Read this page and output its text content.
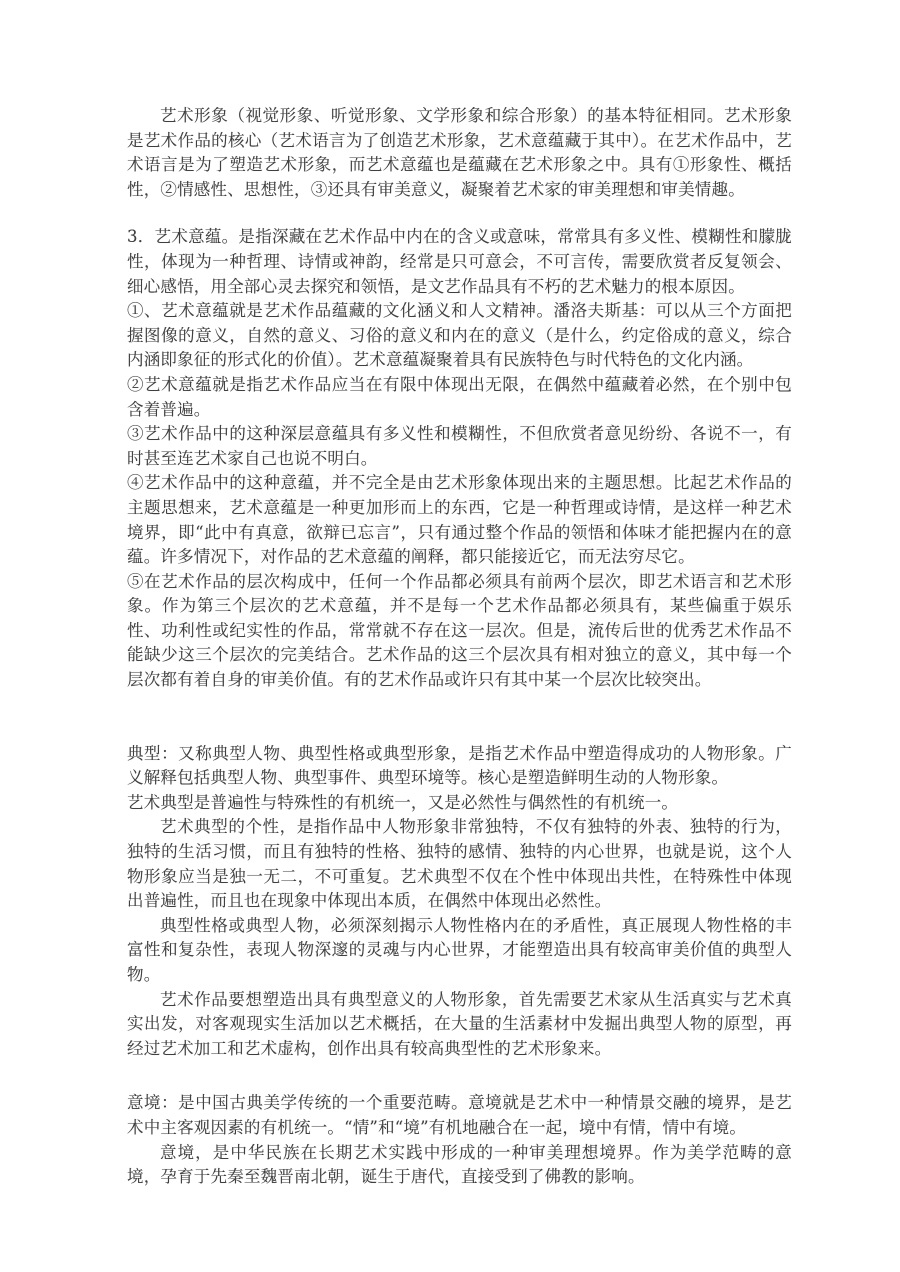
艺术形象（视觉形象、听觉形象、文学形象和综合形象）的基本特征相同。艺术形象是艺术作品的核心（艺术语言为了创造艺术形象，艺术意蕴藏于其中）。在艺术作品中，艺术语言是为了塑造艺术形象，而艺术意蕴也是蕴藏在艺术形象之中。具有①形象性、概括性，②情感性、思想性，③还具有审美意义，凝聚着艺术家的审美理想和审美情趣。

3．艺术意蕴。是指深藏在艺术作品中内在的含义或意味，常常具有多义性、模糊性和朦胧性，体现为一种哲理、诗情或神韵，经常是只可意会，不可言传，需要欣赏者反复领会、细心感悟，用全部心灵去探究和领悟，是文艺作品具有不朽的艺术魅力的根本原因。

①、艺术意蕴就是艺术作品蕴藏的文化涵义和人文精神。潘洛夫斯基：可以从三个方面把握图像的意义，自然的意义、习俗的意义和内在的意义（是什么，约定俗成的意义，综合内涵即象征的形式化的价值）。艺术意蕴凝聚着具有民族特色与时代特色的文化内涵。

②艺术意蕴就是指艺术作品应当在有限中体现出无限，在偶然中蕴藏着必然，在个别中包含着普遍。

③艺术作品中的这种深层意蕴具有多义性和模糊性，不但欣赏者意见纷纷、各说不一，有时甚至连艺术家自己也说不明白。

④艺术作品中的这种意蕴，并不完全是由艺术形象体现出来的主题思想。比起艺术作品的主题思想来，艺术意蕴是一种更加形而上的东西，它是一种哲理或诗情，是这样一种艺术境界，即“此中有真意，欲辩已忘言”，只有通过整个作品的领悟和体味才能把握内在的意蕴。许多情况下，对作品的艺术意蕴的阐释，都只能接近它，而无法穷尽它。

⑤在艺术作品的层次构成中，任何一个作品都必须具有前两个层次，即艺术语言和艺术形象。作为第三个层次的艺术意蕴，并不是每一个艺术作品都必须具有，某些偏重于娱乐性、功利性或纪实性的作品，常常就不存在这一层次。但是，流传后世的优秀艺术作品不能缺少这三个层次的完美结合。艺术作品的这三个层次具有相对独立的意义，其中每一个层次都有着自身的审美价值。有的艺术作品或许只有其中某一个层次比较突出。

典型：又称典型人物、典型性格或典型形象，是指艺术作品中塑造得成功的人物形象。广义解释包括典型人物、典型事件、典型环境等。核心是塑造鲜明生动的人物形象。

艺术典型是普遍性与特殊性的有机统一，又是必然性与偶然性的有机统一。

艺术典型的个性，是指作品中人物形象非常独特，不仅有独特的外表、独特的行为，独特的生活习惯，而且有独特的性格、独特的感情、独特的内心世界，也就是说，这个人物形象应当是独一无二，不可重复。艺术典型不仅在个性中体现出共性，在特殊性中体现出普遍性，而且也在现象中体现出本质，在偶然中体现出必然性。

典型性格或典型人物，必须深刻揭示人物性格内在的矛盾性，真正展现人物性格的丰富性和复杂性，表现人物深邃的灵魂与内心世界，才能塑造出具有较高审美价值的典型人物。

艺术作品要想塑造出具有典型意义的人物形象，首先需要艺术家从生活真实与艺术真实出发，对客观现实生活加以艺术概括，在大量的生活素材中发掘出典型人物的原型，再经过艺术加工和艺术虚构，创作出具有较高典型性的艺术形象来。

意境：是中国古典美学传统的一个重要范畴。意境就是艺术中一种情景交融的境界，是艺术中主客观因素的有机统一。“情”和“境”有机地融合在一起，境中有情，情中有境。

意境，是中华民族在长期艺术实践中形成的一种审美理想境界。作为美学范畴的意境，孕育于先秦至魏晋南北朝，诞生于唐代，直接受到了佛教的影响。
